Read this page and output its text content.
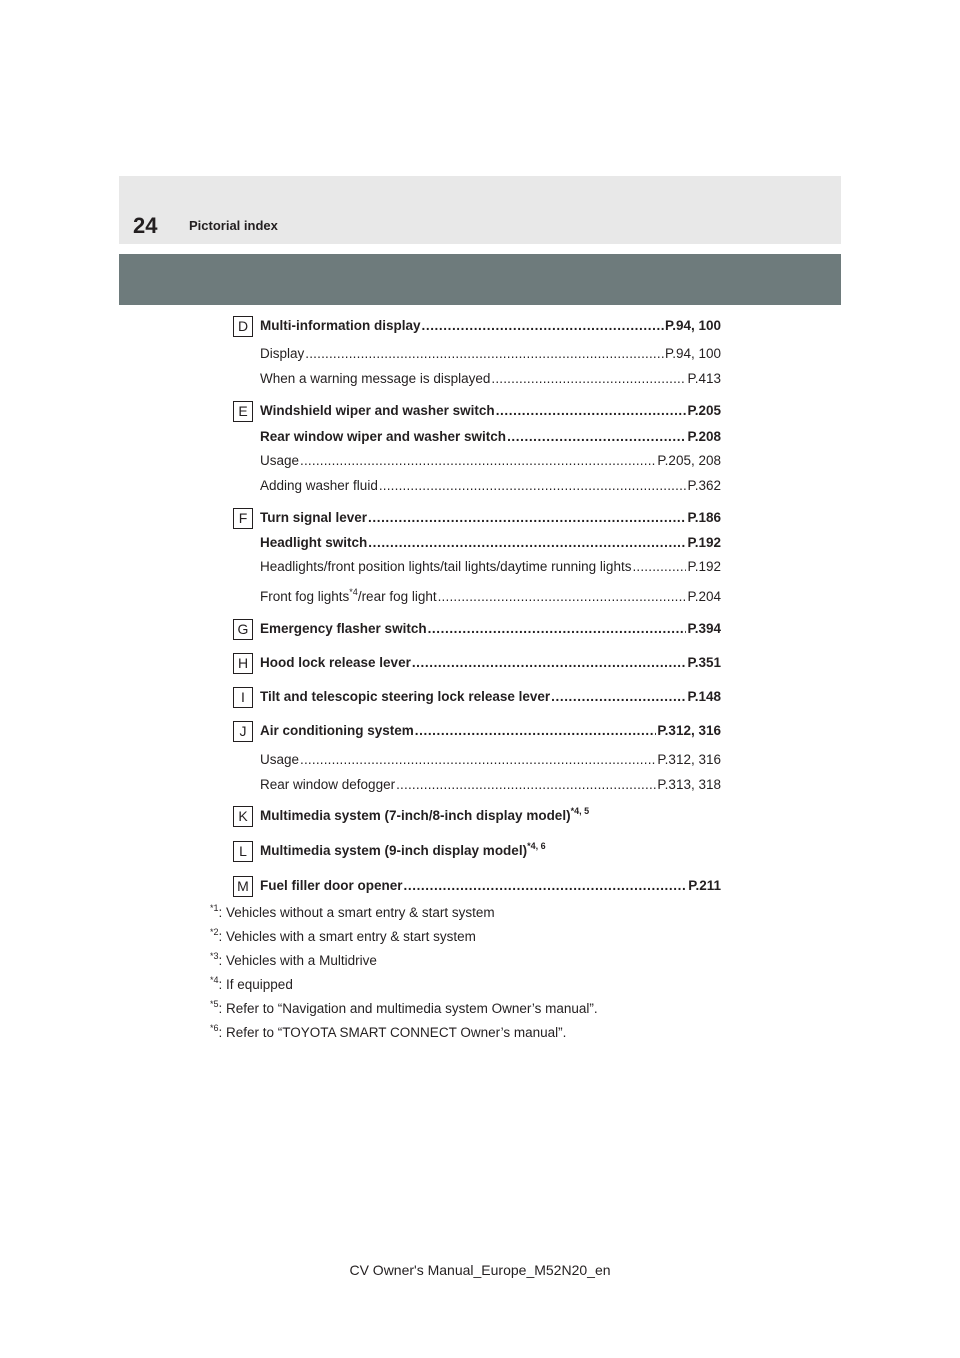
24 Pictorial index
D Multi-information display .....	P.94, 100
Display .....	P.94, 100
When a warning message is displayed .....	P.413
E Windshield wiper and washer switch .....	P.205
Rear window wiper and washer switch .....	P.208
Usage .....	P.205, 208
Adding washer fluid .....	P.362
F Turn signal lever .....	P.186
Headlight switch .....	P.192
Headlights/front position lights/tail lights/daytime running lights .....	P.192
Front fog lights$^{*4}$/rear fog light .....	P.204
G Emergency flasher switch .....	P.394
H Hood lock release lever .....	P.351
I	Tilt and telescopic steering lock release lever .....	P.148
J	Air conditioning system .....	P.312, 316
Usage .....	P.312, 316
Rear window defogger .....	P.313, 318
K Multimedia system (7-inch/8-inch display model)$^{*4, 5}$
L Multimedia system (9-inch display model)$^{*4, 6}$
M Fuel filler door opener .....	P.211
$^{*1}$: Vehicles without a smart entry & start system
$^{*2}$: Vehicles with a smart entry & start system
$^{*3}$: Vehicles with a Multidrive
$^{*4}$: If equipped
$^{*5}$: Refer to “Navigation and multimedia system Owner’s manual”.
$^{*6}$: Refer to “TOYOTA SMART CONNECT Owner’s manual”.
CV Owner's Manual_Europe_M52N20_en
